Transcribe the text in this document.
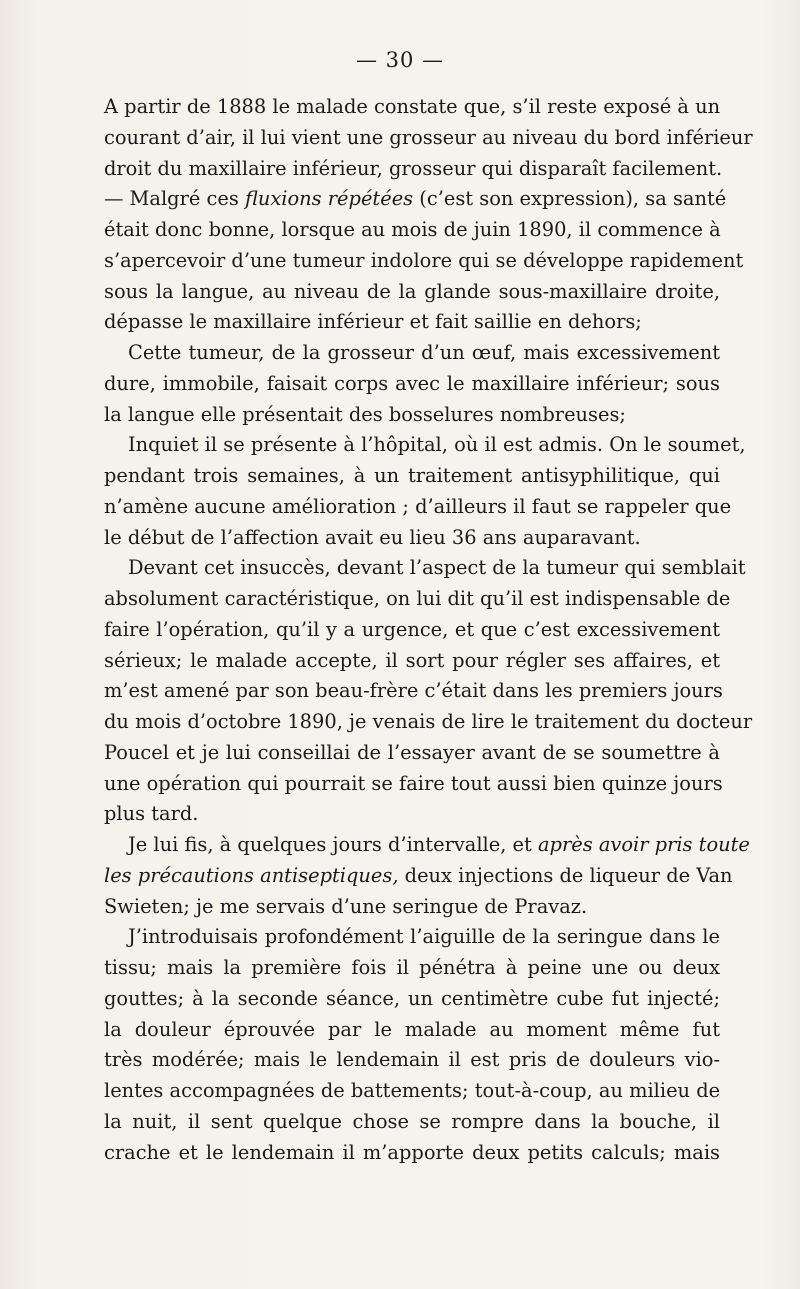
— 30 —
A partir de 1888 le malade constate que, s’il reste exposé à un
courant d’air, il lui vient une grosseur au niveau du bord inférieur
droit du maxillaire inférieur, grosseur qui disparaît facilement.
— Malgré ces fluxions répétées (c’est son expression), sa santé
était donc bonne, lorsque au mois de juin 1890, il commence à
s’apercevoir d’une tumeur indolore qui se développe rapidement
sous la langue, au niveau de la glande sous-maxillaire droite,
dépasse le maxillaire inférieur et fait saillie en dehors;
Cette tumeur, de la grosseur d’un œuf, mais excessivement
dure, immobile, faisait corps avec le maxillaire inférieur; sous
la langue elle présentait des bosselures nombreuses;
Inquiet il se présente à l’hôpital, où il est admis. On le soumet,
pendant trois semaines, à un traitement antisyphilitique, qui
n’amène aucune amélioration ; d’ailleurs il faut se rappeler que
le début de l’affection avait eu lieu 36 ans auparavant.
Devant cet insuccès, devant l’aspect de la tumeur qui semblait
absolument caractéristique, on lui dit qu’il est indispensable de
faire l’opération, qu’il y a urgence, et que c’est excessivement
sérieux; le malade accepte, il sort pour régler ses affaires, et
m’est amené par son beau-frère c’était dans les premiers jours
du mois d’octobre 1890, je venais de lire le traitement du docteur
Poucel et je lui conseillai de l’essayer avant de se soumettre à
une opération qui pourrait se faire tout aussi bien quinze jours
plus tard.
Je lui fis, à quelques jours d’intervalle, et après avoir pris toute
les précautions antiseptiques, deux injections de liqueur de Van
Swieten; je me servais d’une seringue de Pravaz.
J’introduisais profondément l’aiguille de la seringue dans le
tissu; mais la première fois il pénétra à peine une ou deux
gouttes; à la seconde séance, un centimètre cube fut injecté;
la douleur éprouvée par le malade au moment même fut
très modérée; mais le lendemain il est pris de douleurs vio-
lentes accompagnées de battements; tout-à-coup, au milieu de
la nuit, il sent quelque chose se rompre dans la bouche, il
crache et le lendemain il m’apporte deux petits calculs; mais
